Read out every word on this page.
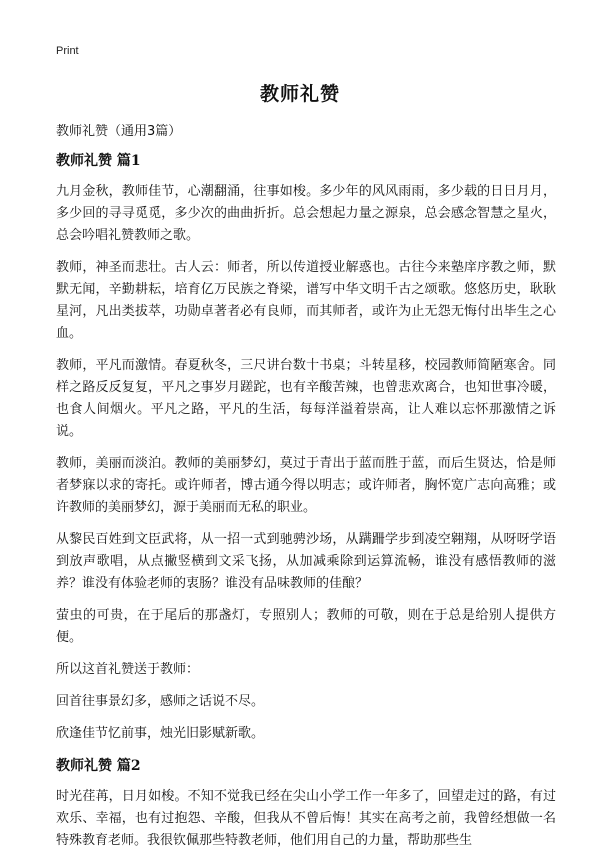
Print
教师礼赞

教师礼赞（通用3篇）

教师礼赞 篇1

九月金秋，教师佳节，心潮翻涌，往事如梭。多少年的风风雨雨，多少载的日日月月，多少回的寻寻觅觅，多少次的曲曲折折。总会想起力量之源泉，总会感念智慧之星火，总会吟唱礼赞教师之歌。

教师，神圣而悲壮。古人云：师者，所以传道授业解惑也。古往今来塾庠序教之师，默默无闻，辛勤耕耘，培育亿万民族之脊梁，谱写中华文明千古之颂歌。悠悠历史，耿耿星河，凡出类拔萃，功勋卓著者必有良师，而其师者，或许为止无怨无悔付出毕生之心血。

教师，平凡而激情。春夏秋冬，三尺讲台数十书桌；斗转星移，校园教师简陋寒舍。同样之路反反复复，平凡之事岁月蹉跎，也有辛酸苦辣，也曾悲欢离合，也知世事冷暖，也食人间烟火。平凡之路，平凡的生活，每每洋溢着崇高，让人难以忘怀那激情之诉说。

教师，美丽而淡泊。教师的美丽梦幻，莫过于青出于蓝而胜于蓝，而后生贤达，恰是师者梦寐以求的寄托。或许师者，博古通今得以明志；或许师者，胸怀宽广志向高雅；或许教师的美丽梦幻，源于美丽而无私的职业。

从黎民百姓到文臣武将，从一招一式到驰骋沙场，从蹒跚学步到凌空翱翔，从呀呀学语到放声歌唱，从点撇竖横到文采飞扬，从加减乘除到运算流畅，谁没有感悟教师的滋养？谁没有体验老师的衷肠？谁没有品味教师的佳酿？

萤虫的可贵，在于尾后的那盏灯，专照别人；教师的可敬，则在于总是给别人提供方便。

所以这首礼赞送于教师：

回首往事景幻多，感师之话说不尽。

欣逢佳节忆前事，烛光旧影赋新歌。

教师礼赞 篇2

时光荏苒，日月如梭。不知不觉我已经在尖山小学工作一年多了，回望走过的路，有过欢乐、幸福，也有过抱怨、辛酸，但我从不曾后悔！其实在高考之前，我曾经想做一名特殊教育老师。我很钦佩那些特教老师，他们用自己的力量，帮助那些生
